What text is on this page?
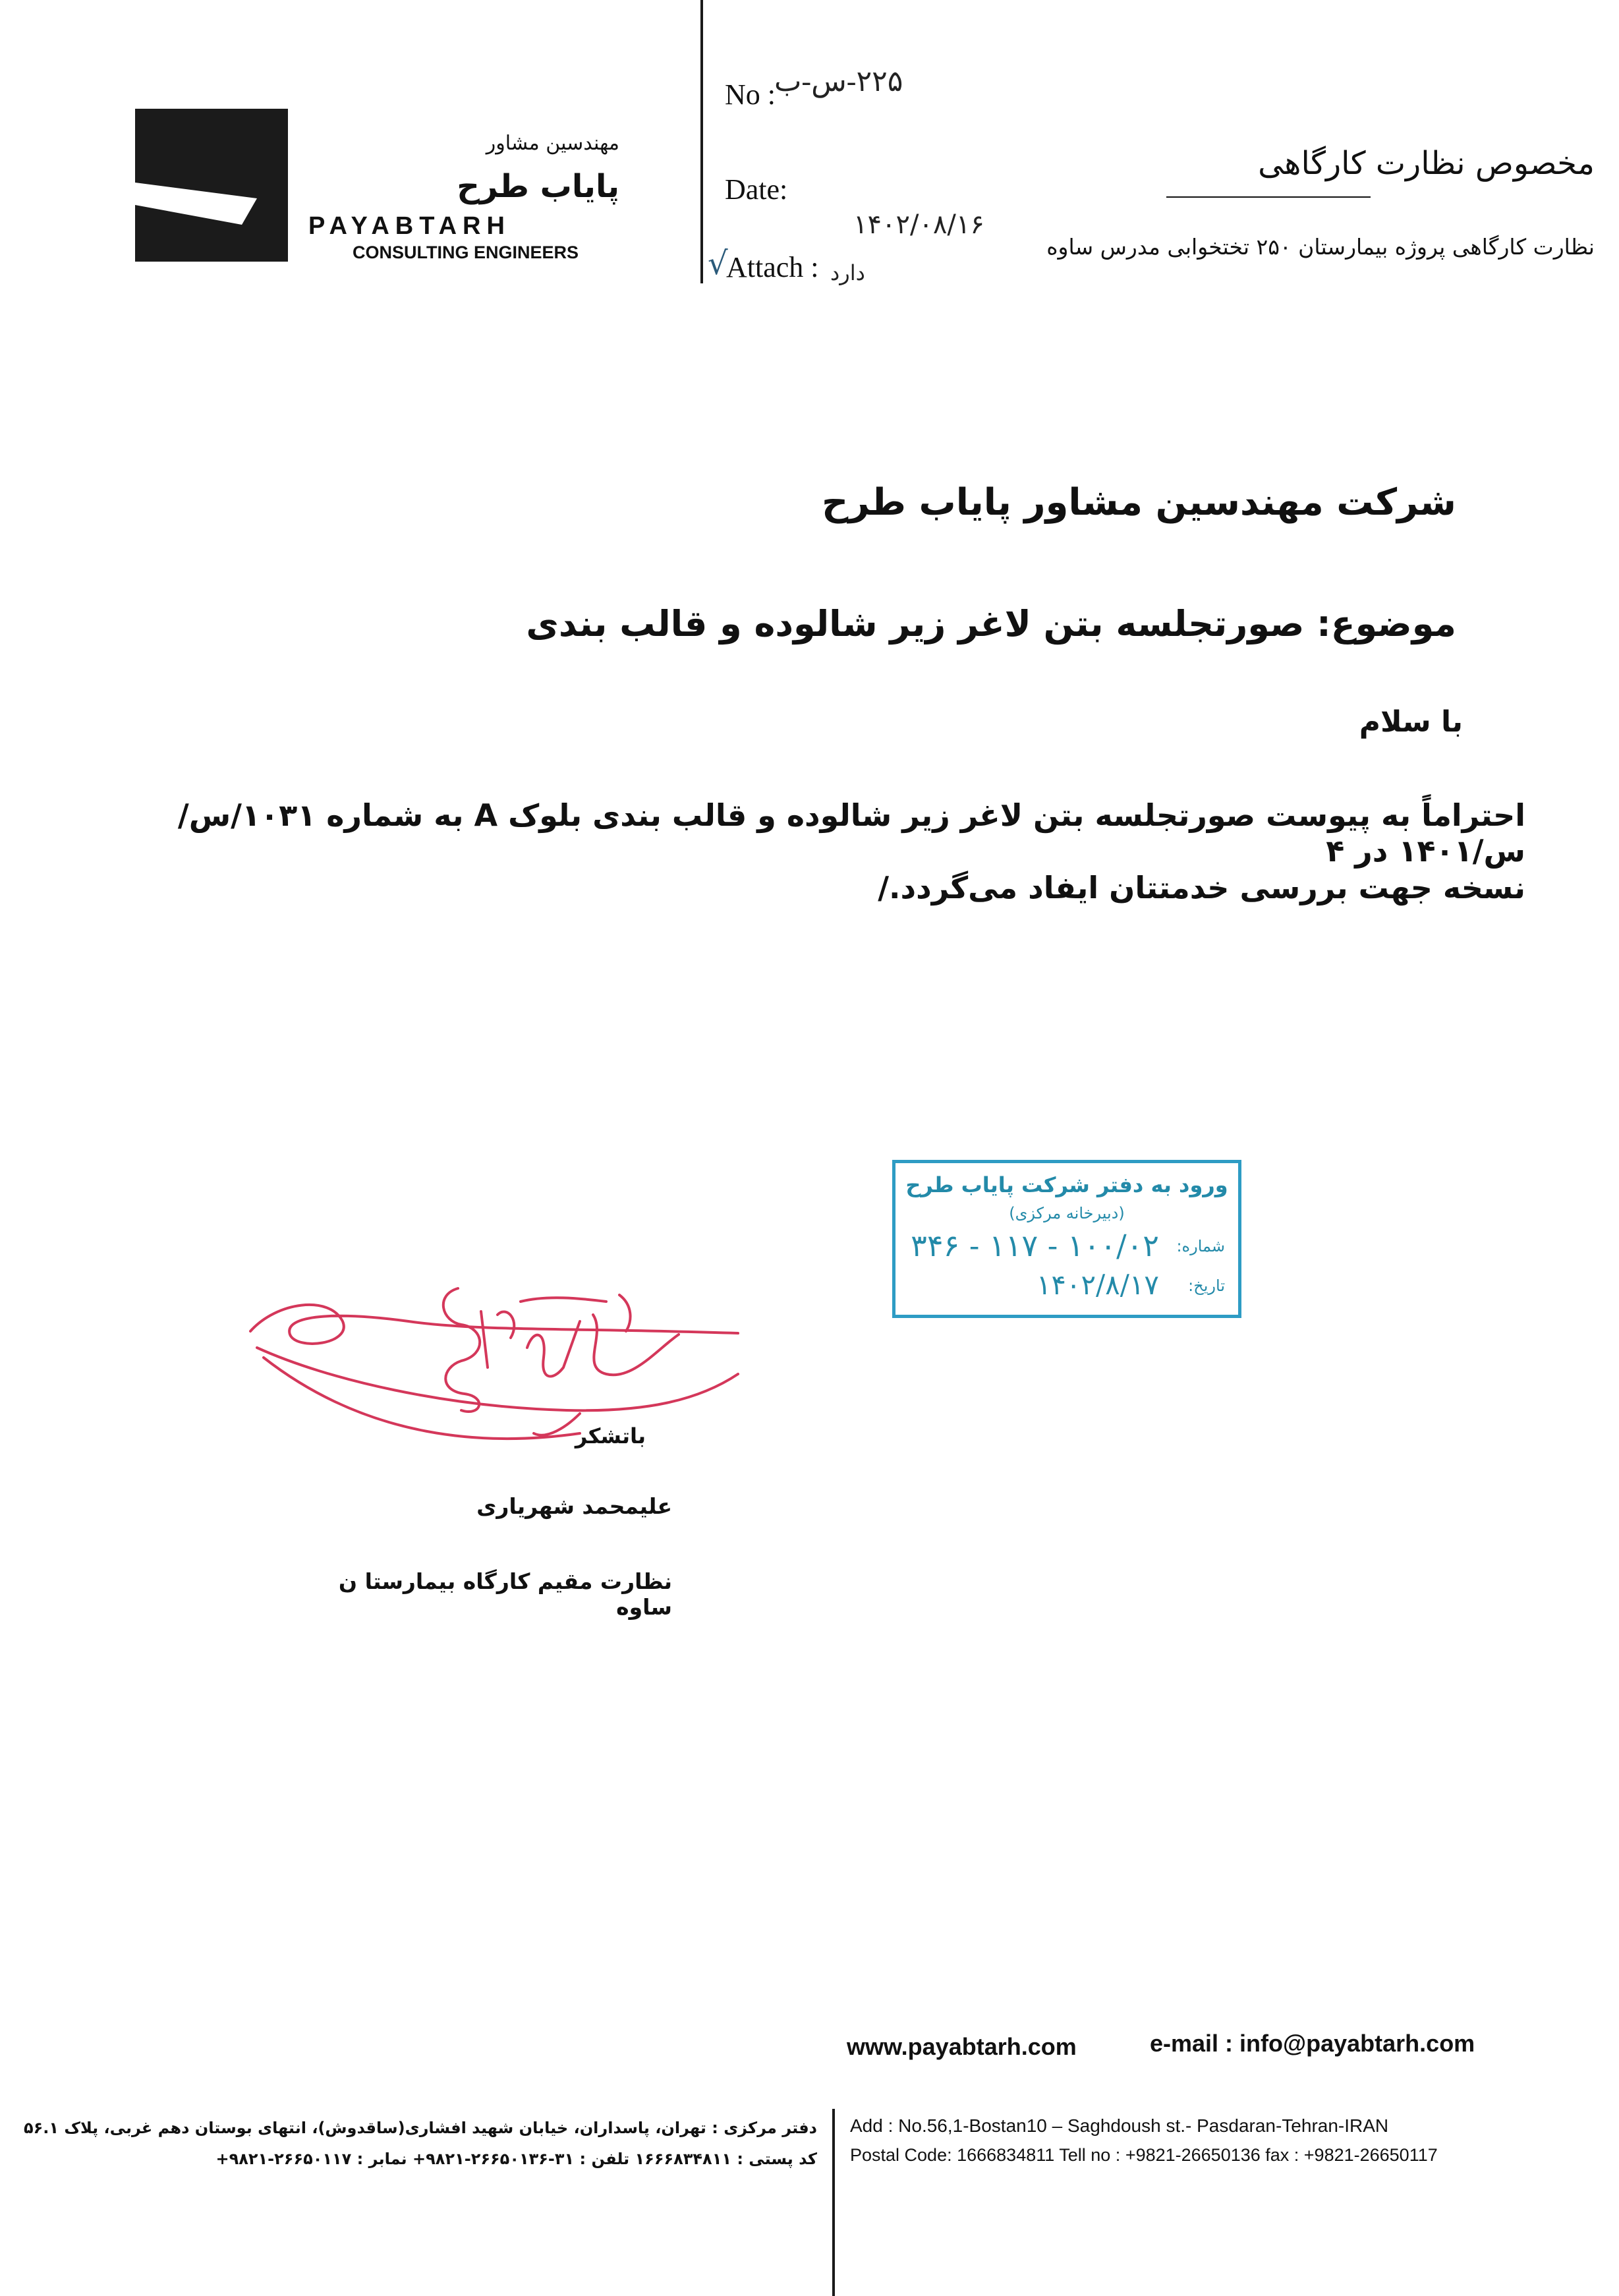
مهندسین مشاور
پایاب طرح
PAYABTARH
CONSULTING ENGINEERS
No :
۲۲۵-س-ب
Date:
۱۴۰۲/۰۸/۱۶
√
Attach : دارد
مخصوص نظارت کارگاهی
نظارت کارگاهی پروژه بیمارستان ۲۵۰ تختخوابی مدرس ساوه
شرکت مهندسین مشاور پایاب طرح
موضوع: صورتجلسه بتن لاغر زیر شالوده و قالب بندی
با سلام
احتراماً به پیوست صورتجلسه بتن لاغر زیر شالوده و قالب بندی بلوک A به شماره ۱۰۳۱/س/س/۱۴۰۱ در ۴
نسخه جهت بررسی خدمتتان ایفاد می‌گردد./
ورود به دفتر شرکت پایاب طرح
(دبیرخانه مرکزی)
شماره:
۳۴۶ - ۱۱۷ - ۱۰۰/۰۲
تاریخ:
۱۴۰۲/۸/۱۷
باتشکر
علیمحمد شهریاری
نظارت مقیم کارگاه بیمارستا ن ساوه
www.payabtarh.com	e-mail : info@payabtarh.com
دفتر مرکزی : تهران، پاسداران، خیابان شهید افشاری(ساقدوش)، انتهای بوستان دهم غربی، پلاک ۵۶.۱
کد پستی : ۱۶۶۶۸۳۴۸۱۱ تلفن : ۳۱-۲۶۶۵۰۱۳۶-۹۸۲۱+ نمابر : ۲۶۶۵۰۱۱۷-۹۸۲۱+
Add : No.56,1-Bostan10 – Saghdoush st.- Pasdaran-Tehran-IRAN
Postal Code: 1666834811 Tell no : +9821-26650136 fax : +9821-26650117
